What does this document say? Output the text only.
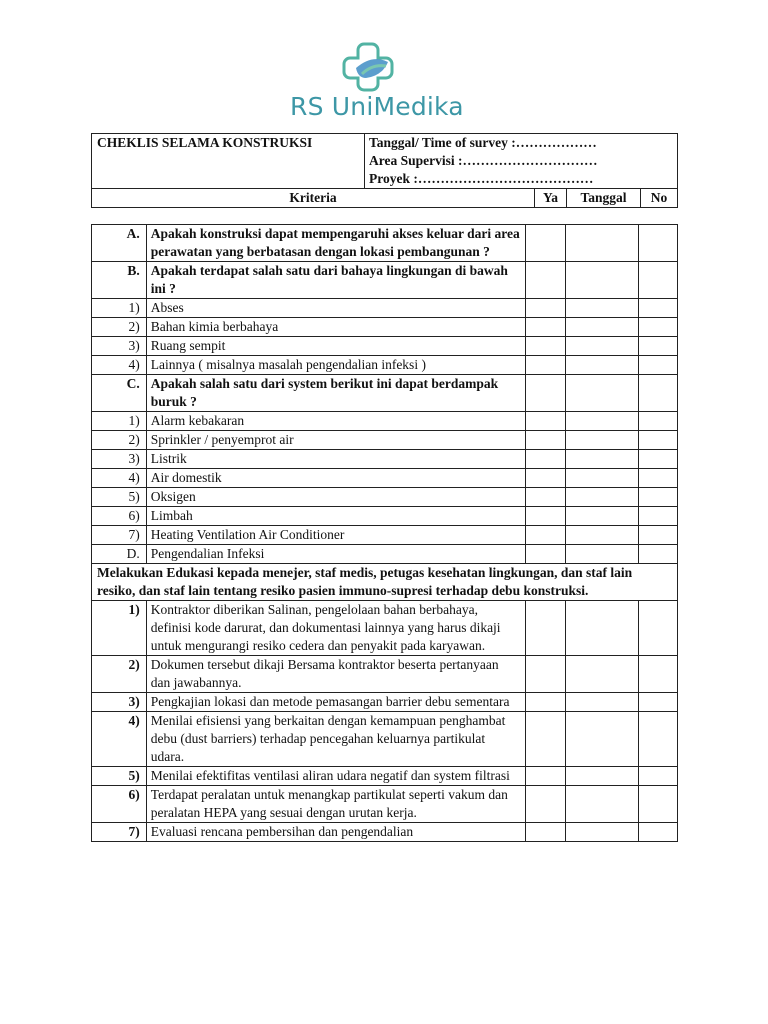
RS UniMedika
CHEKLIS SELAMA KONSTRUKSI	Tanggal/ Time of survey :………………
Area Supervisi :…………………………
Proyek :…………………………………			

Kriteria		Ya	Tanggal	No
A.	Apakah konstruksi dapat mempengaruhi akses keluar dari area perawatan yang berbatasan dengan lokasi pembangunan ?			
B.	Apakah terdapat salah satu dari bahaya lingkungan di bawah ini ?			
1)	Abses			
2)	Bahan kimia berbahaya			
3)	Ruang sempit			
4)	Lainnya ( misalnya masalah pengendalian infeksi )			
C.	Apakah salah satu dari system berikut ini dapat berdampak buruk ?			
1)	Alarm kebakaran			
2)	Sprinkler / penyemprot air			
3)	Listrik			
4)	Air domestik			
5)	Oksigen			
6)	Limbah			
7)	Heating Ventilation Air Conditioner			
D.	Pengendalian Infeksi			
Melakukan Edukasi kepada menejer, staf medis, petugas kesehatan lingkungan, dan staf lain resiko, dan staf lain tentang resiko pasien immuno-supresi terhadap debu konstruksi.				
1)	Kontraktor diberikan Salinan, pengelolaan bahan berbahaya, definisi kode darurat, dan dokumentasi lainnya yang harus dikaji untuk mengurangi resiko cedera dan penyakit pada karyawan.			
2)	Dokumen tersebut dikaji Bersama kontraktor beserta pertanyaan dan jawabannya.			
3)	Pengkajian lokasi dan metode pemasangan barrier debu sementara			
4)	Menilai efisiensi yang berkaitan dengan kemampuan penghambat debu (dust barriers) terhadap pencegahan keluarnya partikulat udara.			
5)	Menilai efektifitas ventilasi aliran udara negatif dan system filtrasi			
6)	Terdapat peralatan untuk menangkap partikulat seperti vakum dan peralatan HEPA yang sesuai dengan urutan kerja.			
7)	Evaluasi rencana pembersihan dan pengendalian			
